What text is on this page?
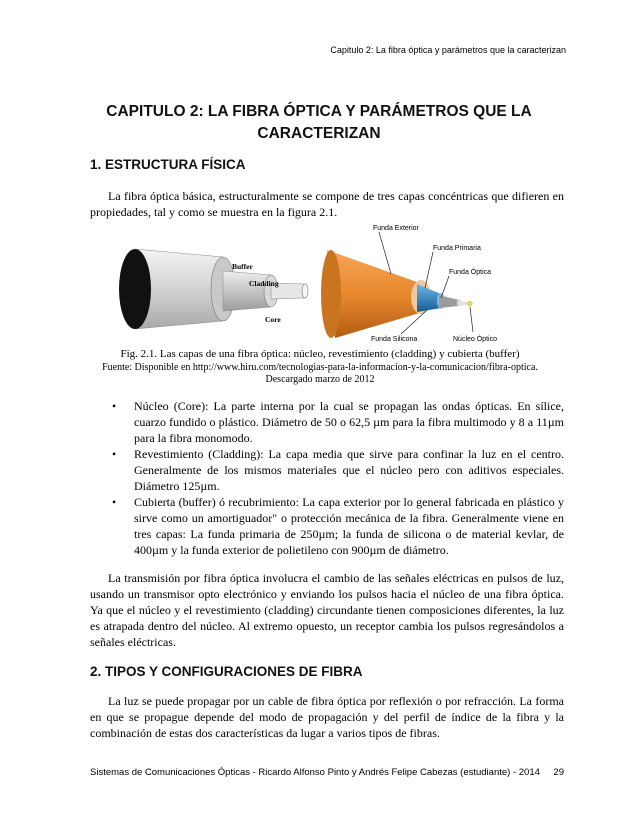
Capitulo 2: La fibra óptica y parámetros que la caracterizan
CAPITULO 2: LA FIBRA ÓPTICA Y PARÁMETROS QUE LA
CARACTERIZAN
1. ESTRUCTURA FÍSICA

La fibra óptica básica, estructuralmente se compone de tres capas concéntricas que difieren en propiedades, tal y como se muestra en la figura 2.1.

Buffer
Cladding
Core
Funda Exterior
Funda Primaria
Funda Óptica
Funda Silicona	Núcleo Óptico
Fig. 2.1. Las capas de una fibra óptica: núcleo, revestimiento (cladding) y cubierta (buffer)
Fuente: Disponible en http://www.hiru.com/tecnologias-para-la-informacion-y-la-comunicacion/fibra-optica.
Descargado marzo de 2012
• Núcleo (Core): La parte interna por la cual se propagan las ondas ópticas. En sílice, cuarzo fundido o plástico. Diámetro de 50 o 62,5 µm para la fibra multimodo y 8 a 11µm para la fibra monomodo.
• Revestimiento (Cladding): La capa media que sirve para confinar la luz en el centro. Generalmente de los mismos materiales que el núcleo pero con aditivos especiales. Diámetro 125µm.
• Cubierta (buffer) ó recubrimiento: La capa exterior por lo general fabricada en plástico y sirve como un amortiguador" o protección mecánica de la fibra. Generalmente viene en tres capas: La funda primaria de 250µm; la funda de silicona o de material kevlar, de 400µm y la funda exterior de polietileno con 900µm de diámetro.

La transmisión por fibra óptica involucra el cambio de las señales eléctricas en pulsos de luz, usando un transmisor opto electrónico y enviando los pulsos hacia el núcleo de una fibra óptica. Ya que el núcleo y el revestimiento (cladding) circundante tienen composiciones diferentes, la luz es atrapada dentro del núcleo. Al extremo opuesto, un receptor cambia los pulsos regresándolos a señales eléctricas.

2. TIPOS Y CONFIGURACIONES DE FIBRA

La luz se puede propagar por un cable de fibra óptica por reflexión o por refracción. La forma en que se propague depende del modo de propagación y del perfil de índice de la fibra y la combinación de estas dos características da lugar a varios tipos de fibras.

Sistemas de Comunicaciones Ópticas - Ricardo Alfonso Pinto y Andrés Felipe Cabezas (estudiante) - 2014 29
